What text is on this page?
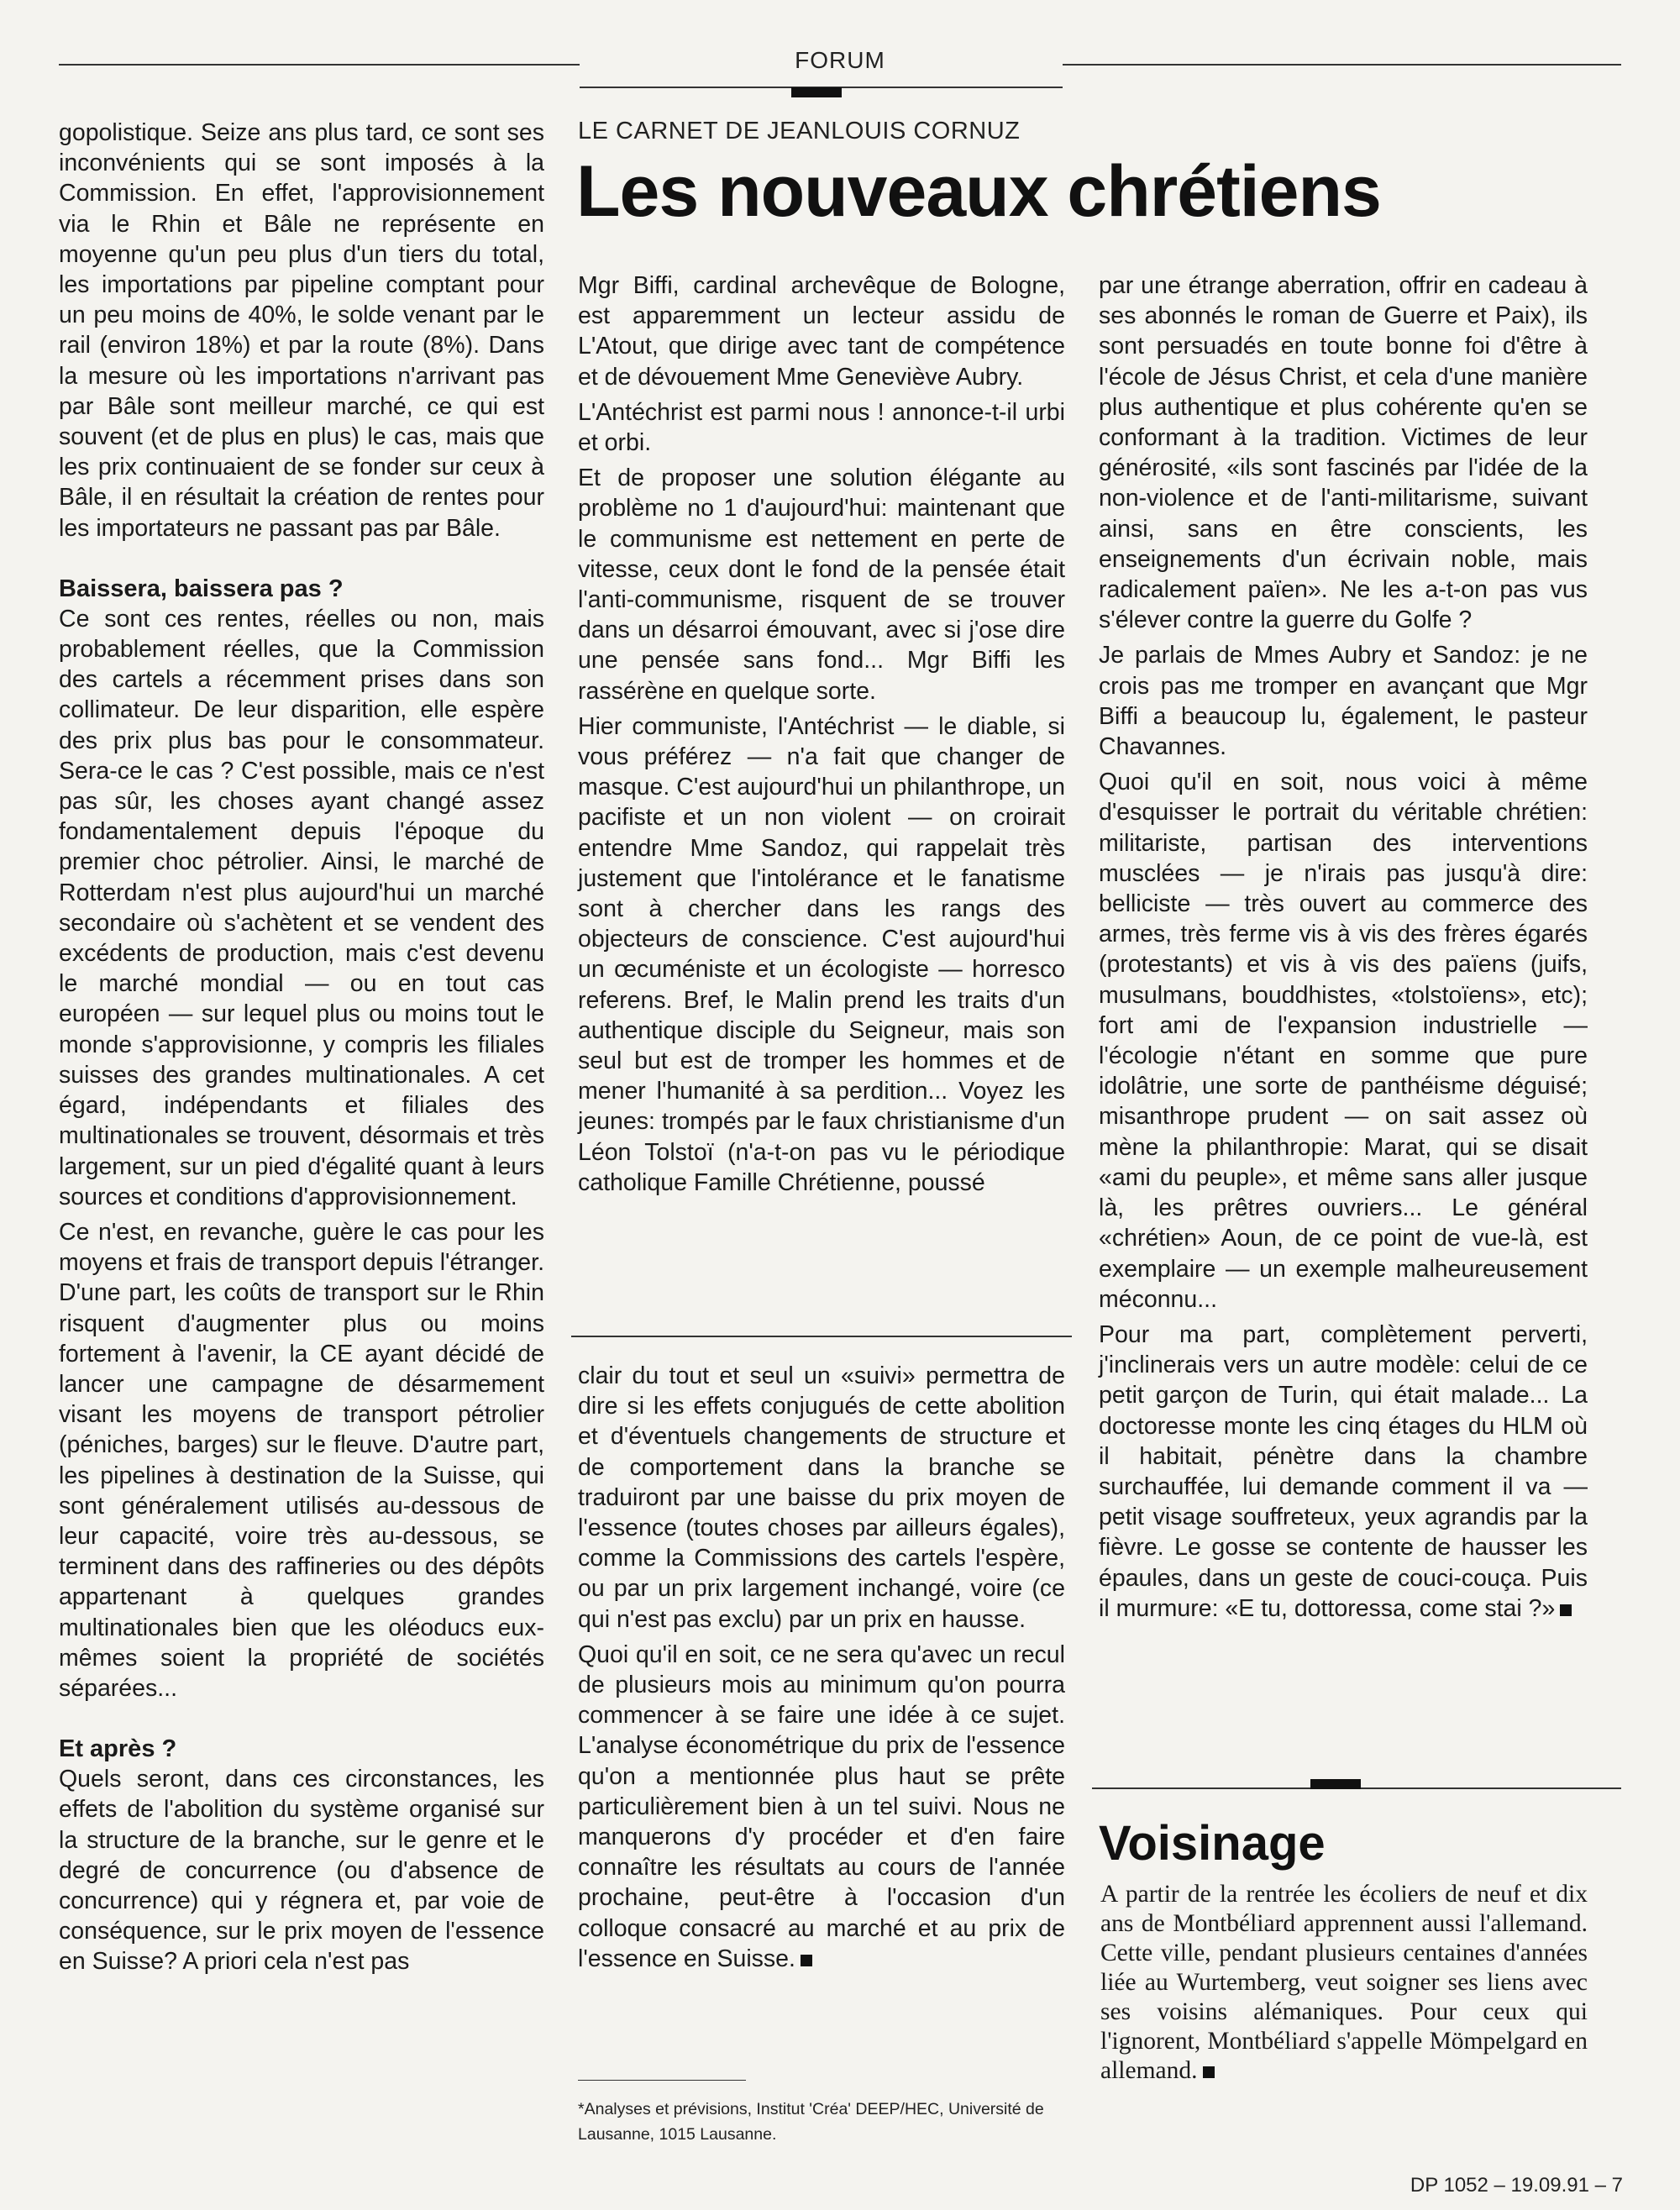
FORUM

gopolistique. Seize ans plus tard, ce sont ses inconvénients qui se sont imposés à la Commission. En effet, l'approvisionnement via le Rhin et Bâle ne représente en moyenne qu'un peu plus d'un tiers du total, les importations par pipeline comptant pour un peu moins de 40%, le solde venant par le rail (environ 18%) et par la route (8%). Dans la mesure où les importations n'arrivant pas par Bâle sont meilleur marché, ce qui est souvent (et de plus en plus) le cas, mais que les prix continuaient de se fonder sur ceux à Bâle, il en résultait la création de rentes pour les importateurs ne passant pas par Bâle.

Baissera, baissera pas ?

Ce sont ces rentes, réelles ou non, mais probablement réelles, que la Commission des cartels a récemment prises dans son collimateur. De leur disparition, elle espère des prix plus bas pour le consommateur. Sera-ce le cas ? C'est possible, mais ce n'est pas sûr, les choses ayant changé assez fondamentalement depuis l'époque du premier choc pétrolier. Ainsi, le marché de Rotterdam n'est plus aujourd'hui un marché secondaire où s'achètent et se vendent des excédents de production, mais c'est devenu le marché mondial — ou en tout cas européen — sur lequel plus ou moins tout le monde s'approvisionne, y compris les filiales suisses des grandes multinationales. A cet égard, indépendants et filiales des multinationales se trouvent, désormais et très largement, sur un pied d'égalité quant à leurs sources et conditions d'approvisionnement.

Ce n'est, en revanche, guère le cas pour les moyens et frais de transport depuis l'étranger. D'une part, les coûts de transport sur le Rhin risquent d'augmenter plus ou moins fortement à l'avenir, la CE ayant décidé de lancer une campagne de désarmement visant les moyens de transport pétrolier (péniches, barges) sur le fleuve. D'autre part, les pipelines à destination de la Suisse, qui sont généralement utilisés au-dessous de leur capacité, voire très au-dessous, se terminent dans des raffineries ou des dépôts appartenant à quelques grandes multinationales bien que les oléoducs eux-mêmes soient la propriété de sociétés séparées...

Et après ?

Quels seront, dans ces circonstances, les effets de l'abolition du système organisé sur la structure de la branche, sur le genre et le degré de concurrence (ou d'absence de concurrence) qui y régnera et, par voie de conséquence, sur le prix moyen de l'essence en Suisse? A priori cela n'est pas

LE CARNET DE JEANLOUIS CORNUZ
Les nouveaux chrétiens

Mgr Biffi, cardinal archevêque de Bologne, est apparemment un lecteur assidu de L'Atout, que dirige avec tant de compétence et de dévouement Mme Geneviève Aubry.

L'Antéchrist est parmi nous ! annonce-t-il urbi et orbi.

Et de proposer une solution élégante au problème no 1 d'aujourd'hui: maintenant que le communisme est nettement en perte de vitesse, ceux dont le fond de la pensée était l'anti-communisme, risquent de se trouver dans un désarroi émouvant, avec si j'ose dire une pensée sans fond... Mgr Biffi les rassérène en quelque sorte.

Hier communiste, l'Antéchrist — le diable, si vous préférez — n'a fait que changer de masque. C'est aujourd'hui un philanthrope, un pacifiste et un non violent — on croirait entendre Mme Sandoz, qui rappelait très justement que l'intolérance et le fanatisme sont à chercher dans les rangs des objecteurs de conscience. C'est aujourd'hui un œcuméniste et un écologiste — horresco referens. Bref, le Malin prend les traits d'un authentique disciple du Seigneur, mais son seul but est de tromper les hommes et de mener l'humanité à sa perdition... Voyez les jeunes: trompés par le faux christianisme d'un Léon Tolstoï (n'a-t-on pas vu le périodique catholique Famille Chrétienne, poussé

par une étrange aberration, offrir en cadeau à ses abonnés le roman de Guerre et Paix), ils sont persuadés en toute bonne foi d'être à l'école de Jésus Christ, et cela d'une manière plus authentique et plus cohérente qu'en se conformant à la tradition. Victimes de leur générosité, «ils sont fascinés par l'idée de la non-violence et de l'anti-militarisme, suivant ainsi, sans en être conscients, les enseignements d'un écrivain noble, mais radicalement païen». Ne les a-t-on pas vus s'élever contre la guerre du Golfe ?

Je parlais de Mmes Aubry et Sandoz: je ne crois pas me tromper en avançant que Mgr Biffi a beaucoup lu, également, le pasteur Chavannes.

Quoi qu'il en soit, nous voici à même d'esquisser le portrait du véritable chrétien: militariste, partisan des interventions musclées — je n'irais pas jusqu'à dire: belliciste — très ouvert au commerce des armes, très ferme vis à vis des frères égarés (protestants) et vis à vis des païens (juifs, musulmans, bouddhistes, «tolstoïens», etc); fort ami de l'expansion industrielle — l'écologie n'étant en somme que pure idolâtrie, une sorte de panthéisme déguisé; misanthrope prudent — on sait assez où mène la philanthropie: Marat, qui se disait «ami du peuple», et même sans aller jusque là, les prêtres ouvriers... Le général «chrétien» Aoun, de ce point de vue-là, est exemplaire — un exemple malheureusement méconnu...

Pour ma part, complètement perverti, j'inclinerais vers un autre modèle: celui de ce petit garçon de Turin, qui était malade... La doctoresse monte les cinq étages du HLM où il habitait, pénètre dans la chambre surchauffée, lui demande comment il va — petit visage souffreteux, yeux agrandis par la fièvre. Le gosse se contente de hausser les épaules, dans un geste de couci-couça. Puis il murmure: «E tu, dottoressa, come stai ?»

clair du tout et seul un «suivi» permettra de dire si les effets conjugués de cette abolition et d'éventuels changements de structure et de comportement dans la branche se traduiront par une baisse du prix moyen de l'essence (toutes choses par ailleurs égales), comme la Commissions des cartels l'espère, ou par un prix largement inchangé, voire (ce qui n'est pas exclu) par un prix en hausse.

Quoi qu'il en soit, ce ne sera qu'avec un recul de plusieurs mois au minimum qu'on pourra commencer à se faire une idée à ce sujet. L'analyse économétrique du prix de l'essence qu'on a mentionnée plus haut se prête particulièrement bien à un tel suivi. Nous ne manquerons d'y procéder et d'en faire connaître les résultats au cours de l'année prochaine, peut-être à l'occasion d'un colloque consacré au marché et au prix de l'essence en Suisse.

*Analyses et prévisions, Institut 'Créa' DEEP/HEC, Université de Lausanne, 1015 Lausanne.
Voisinage
A partir de la rentrée les écoliers de neuf et dix ans de Montbéliard apprennent aussi l'allemand. Cette ville, pendant plusieurs centaines d'années liée au Wurtemberg, veut soigner ses liens avec ses voisins alémaniques. Pour ceux qui l'ignorent, Montbéliard s'appelle Mömpelgard en allemand.
DP 1052 – 19.09.91 – 7
